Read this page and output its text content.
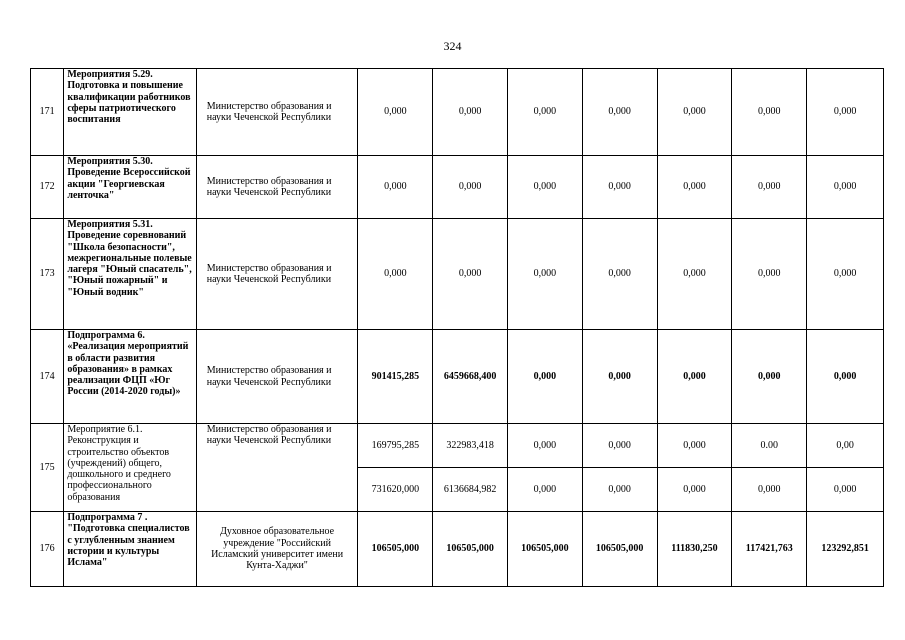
324
171	Мероприятия 5.29. Подготовка и повышение квалификации работников сферы патриотического воспитания	Министерство образования и науки Чеченской Республики	0,000	0,000	0,000	0,000	0,000	0,000	0,000
172	Мероприятия 5.30. Проведение Всероссийской акции "Георгиевская ленточка"	Министерство образования и науки Чеченской Республики	0,000	0,000	0,000	0,000	0,000	0,000	0,000
173	Мероприятия 5.31. Проведение соревнований "Школа безопасности", межрегиональные полевые лагеря "Юный спасатель", "Юный пожарный" и "Юный водник"	Министерство образования и науки Чеченской Республики	0,000	0,000	0,000	0,000	0,000	0,000	0,000
174	Подпрограмма 6. «Реализация мероприятий в области развития образования» в рамках реализации ФЦП «Юг России (2014-2020 годы)»	Министерство образования и науки Чеченской Республики	901415,285	6459668,400	0,000	0,000	0,000	0,000	0,000
175	Мероприятие 6.1. Реконструкция и строительство объектов (учреждений) общего, дошкольного и среднего профессионального образования	Министерство образования и науки Чеченской Республики	169795,285	322983,418	0,000	0,000	0,000	0.00	0,00
			731620,000	6136684,982	0,000	0,000	0,000	0,000	0,000
176	Подпрограмма 7 . "Подготовка специалистов с углубленным знанием истории и культуры Ислама"	Духовное образовательное учреждение "Российский Исламский университет имени Кунта-Хаджи"	106505,000	106505,000	106505,000	106505,000	111830,250	117421,763	123292,851
